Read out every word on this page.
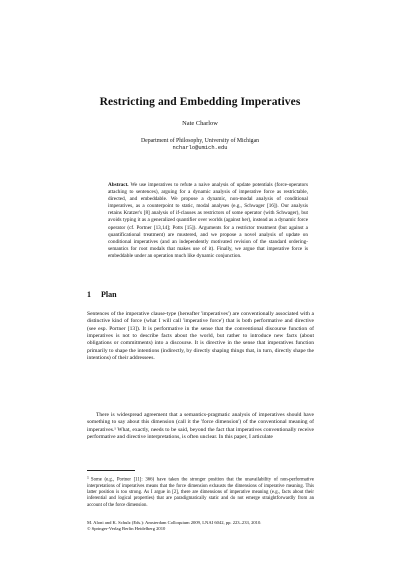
Restricting and Embedding Imperatives
Nate Charlow
Department of Philosophy, University of Michigan
ncharlo@umich.edu
Abstract. We use imperatives to refute a naive analysis of update potentials (force-operators attaching to sentences), arguing for a dynamic analysis of imperative force as restrictable, directed, and embeddable. We propose a dynamic, non-modal analysis of conditional imperatives, as a counterpoint to static, modal analyses (e.g., Schwager [16]). Our analysis retains Kratzer's [8] analysis of if-clauses as restrictors of some operator (with Schwager), but avoids typing it as a generalized quantifier over worlds (against her), instead as a dynamic force operator (cf. Portner [13,14]; Potts [15]). Arguments for a restrictor treatment (but against a quantificational treatment) are mustered, and we propose a novel analysis of update on conditional imperatives (and an independently motivated revision of the standard ordering-semantics for root modals that makes use of it). Finally, we argue that imperative force is embeddable under an operation much like dynamic conjunction.
1 Plan
Sentences of the imperative clause-type (hereafter 'imperatives') are conventionally associated with a distinctive kind of force (what I will call 'imperative force') that is both performative and directive (see esp. Portner [13]). It is performative in the sense that the conventional discourse function of imperatives is not to describe facts about the world, but rather to introduce new facts (about obligations or commitments) into a discourse. It is directive in the sense that imperatives function primarily to shape the intentions (indirectly, by directly shaping things that, in turn, directly shape the intentions) of their addressees.
There is widespread agreement that a semantics-pragmatic analysis of imperatives should have something to say about this dimension (call it the 'force dimension') of the conventional meaning of imperatives.¹ What, exactly, needs to be said, beyond the fact that imperatives conventionally receive performative and directive interpretations, is often unclear. In this paper, I articulate
$^1$ Some (e.g., Portner [11]: 366) have taken the stronger position that the unavailability of non-performative interpretations of imperatives means that the force dimension exhausts the dimensions of imperative meaning. This latter position is too strong. As I argue in [2], there are dimensions of imperative meaning (e.g., facts about their inferential and logical properties) that are paradigmatically static and do not emerge straightforwardly from an account of the force dimension.
M. Aloni and K. Schulz (Eds.): Amsterdam Colloquium 2009, LNAI 6042, pp. 223–233, 2010.
© Springer-Verlag Berlin Heidelberg 2010
